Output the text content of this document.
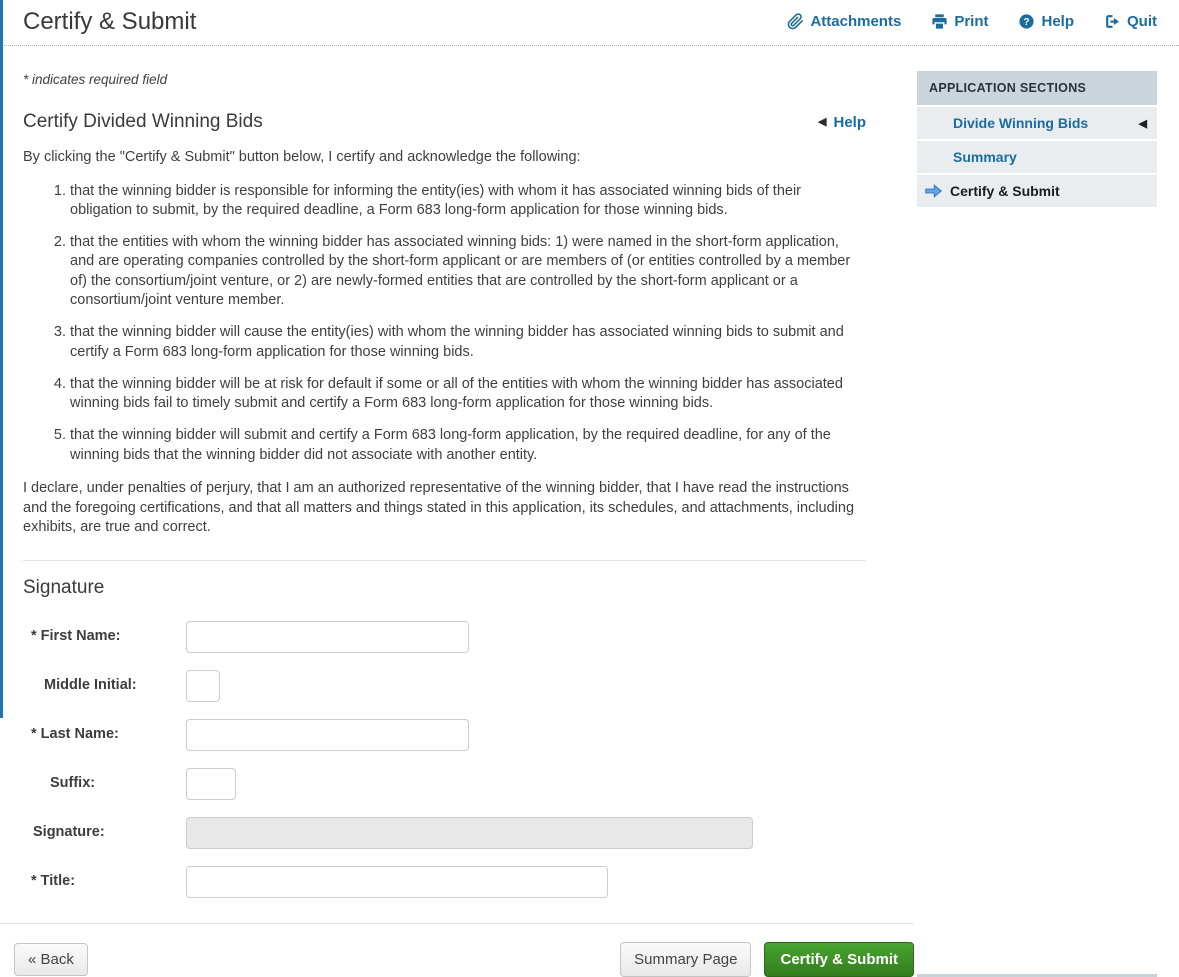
Certify & Submit	Attachments	Print	? Help	Quit
* indicates required field
Certify Divided Winning Bids	◀ Help

By clicking the "Certify & Submit" button below, I certify and acknowledge the following:

1. that the winning bidder is responsible for informing the entity(ies) with whom it has associated winning bids of their obligation to submit, by the required deadline, a Form 683 long-form application for those winning bids.
2. that the entities with whom the winning bidder has associated winning bids: 1) were named in the short-form application, and are operating companies controlled by the short-form applicant or are members of (or entities controlled by a member of) the consortium/joint venture, or 2) are newly-formed entities that are controlled by the short-form applicant or a consortium/joint venture member.
3. that the winning bidder will cause the entity(ies) with whom the winning bidder has associated winning bids to submit and certify a Form 683 long-form application for those winning bids.
4. that the winning bidder will be at risk for default if some or all of the entities with whom the winning bidder has associated winning bids fail to timely submit and certify a Form 683 long-form application for those winning bids.
5. that the winning bidder will submit and certify a Form 683 long-form application, by the required deadline, for any of the winning bids that the winning bidder did not associate with another entity.

I declare, under penalties of perjury, that I am an authorized representative of the winning bidder, that I have read the instructions and the foregoing certifications, and that all matters and things stated in this application, its schedules, and attachments, including exhibits, are true and correct.

Signature
* First Name:
Middle Initial:
* Last Name:
Suffix:
Signature:
* Title:
« Back	Summary Page	Certify & Submit
APPLICATION SECTIONS
Divide Winning Bids	◀
Summary
Certify & Submit
